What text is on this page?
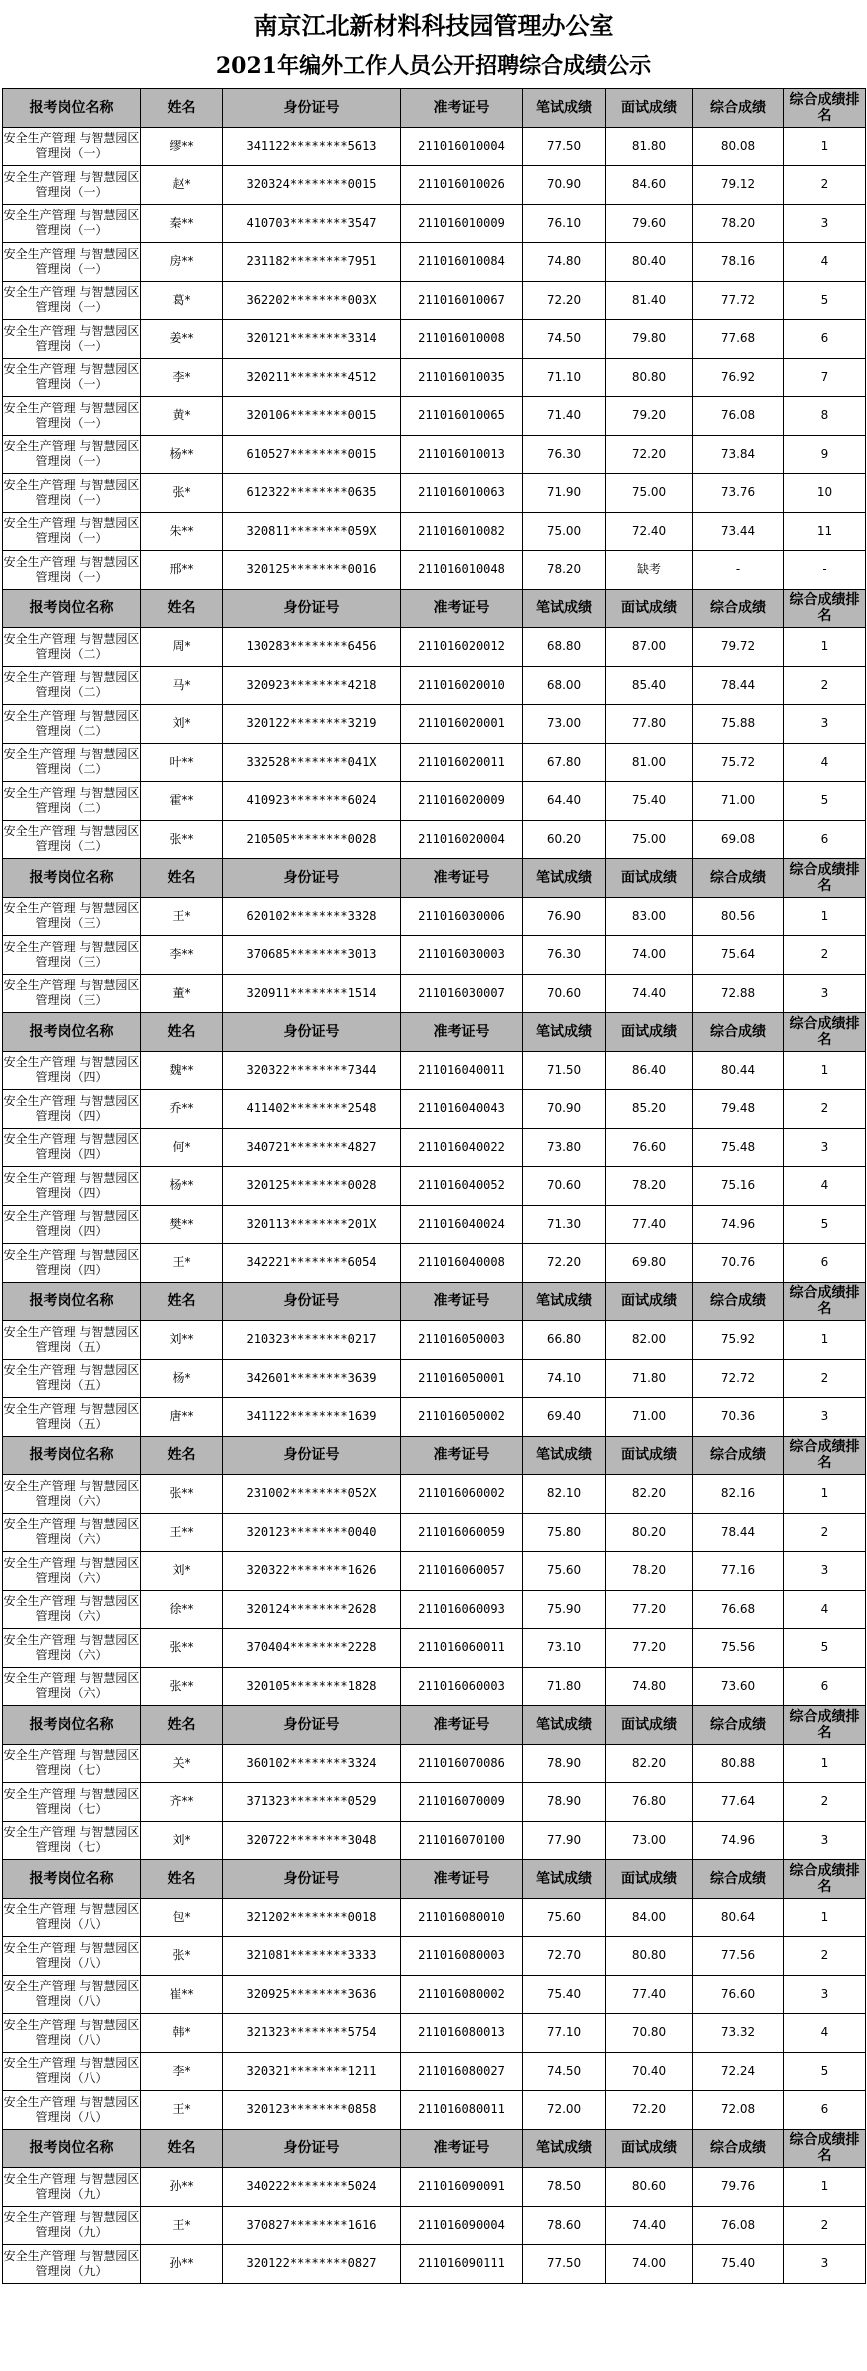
南京江北新材料科技园管理办公室
2021年编外工作人员公开招聘综合成绩公示
报考岗位名称	姓名	身份证号	准考证号	笔试成绩	面试成绩	综合成绩	综合成绩排名
安全生产管理 与智慧园区管理岗（一）	缪**	341122********5613	211016010004	77.50	81.80	80.08	1
安全生产管理 与智慧园区管理岗（一）	赵*	320324********0015	211016010026	70.90	84.60	79.12	2
安全生产管理 与智慧园区管理岗（一）	秦**	410703********3547	211016010009	76.10	79.60	78.20	3
安全生产管理 与智慧园区管理岗（一）	房**	231182********7951	211016010084	74.80	80.40	78.16	4
安全生产管理 与智慧园区管理岗（一）	葛*	362202********003X	211016010067	72.20	81.40	77.72	5
安全生产管理 与智慧园区管理岗（一）	姜**	320121********3314	211016010008	74.50	79.80	77.68	6
安全生产管理 与智慧园区管理岗（一）	李*	320211********4512	211016010035	71.10	80.80	76.92	7
安全生产管理 与智慧园区管理岗（一）	黄*	320106********0015	211016010065	71.40	79.20	76.08	8
安全生产管理 与智慧园区管理岗（一）	杨**	610527********0015	211016010013	76.30	72.20	73.84	9
安全生产管理 与智慧园区管理岗（一）	张*	612322********0635	211016010063	71.90	75.00	73.76	10
安全生产管理 与智慧园区管理岗（一）	朱**	320811********059X	211016010082	75.00	72.40	73.44	11
安全生产管理 与智慧园区管理岗（一）	邢**	320125********0016	211016010048	78.20	缺考	-	-
报考岗位名称	姓名	身份证号	准考证号	笔试成绩	面试成绩	综合成绩	综合成绩排名
安全生产管理 与智慧园区管理岗（二）	周*	130283********6456	211016020012	68.80	87.00	79.72	1
安全生产管理 与智慧园区管理岗（二）	马*	320923********4218	211016020010	68.00	85.40	78.44	2
安全生产管理 与智慧园区管理岗（二）	刘*	320122********3219	211016020001	73.00	77.80	75.88	3
安全生产管理 与智慧园区管理岗（二）	叶**	332528********041X	211016020011	67.80	81.00	75.72	4
安全生产管理 与智慧园区管理岗（二）	霍**	410923********6024	211016020009	64.40	75.40	71.00	5
安全生产管理 与智慧园区管理岗（二）	张**	210505********0028	211016020004	60.20	75.00	69.08	6
报考岗位名称	姓名	身份证号	准考证号	笔试成绩	面试成绩	综合成绩	综合成绩排名
安全生产管理 与智慧园区管理岗（三）	王*	620102********3328	211016030006	76.90	83.00	80.56	1
安全生产管理 与智慧园区管理岗（三）	李**	370685********3013	211016030003	76.30	74.00	75.64	2
安全生产管理 与智慧园区管理岗（三）	董*	320911********1514	211016030007	70.60	74.40	72.88	3
报考岗位名称	姓名	身份证号	准考证号	笔试成绩	面试成绩	综合成绩	综合成绩排名
安全生产管理 与智慧园区管理岗（四）	魏**	320322********7344	211016040011	71.50	86.40	80.44	1
安全生产管理 与智慧园区管理岗（四）	乔**	411402********2548	211016040043	70.90	85.20	79.48	2
安全生产管理 与智慧园区管理岗（四）	何*	340721********4827	211016040022	73.80	76.60	75.48	3
安全生产管理 与智慧园区管理岗（四）	杨**	320125********0028	211016040052	70.60	78.20	75.16	4
安全生产管理 与智慧园区管理岗（四）	樊**	320113********201X	211016040024	71.30	77.40	74.96	5
安全生产管理 与智慧园区管理岗（四）	王*	342221********6054	211016040008	72.20	69.80	70.76	6
报考岗位名称	姓名	身份证号	准考证号	笔试成绩	面试成绩	综合成绩	综合成绩排名
安全生产管理 与智慧园区管理岗（五）	刘**	210323********0217	211016050003	66.80	82.00	75.92	1
安全生产管理 与智慧园区管理岗（五）	杨*	342601********3639	211016050001	74.10	71.80	72.72	2
安全生产管理 与智慧园区管理岗（五）	唐**	341122********1639	211016050002	69.40	71.00	70.36	3
报考岗位名称	姓名	身份证号	准考证号	笔试成绩	面试成绩	综合成绩	综合成绩排名
安全生产管理 与智慧园区管理岗（六）	张**	231002********052X	211016060002	82.10	82.20	82.16	1
安全生产管理 与智慧园区管理岗（六）	王**	320123********0040	211016060059	75.80	80.20	78.44	2
安全生产管理 与智慧园区管理岗（六）	刘*	320322********1626	211016060057	75.60	78.20	77.16	3
安全生产管理 与智慧园区管理岗（六）	徐**	320124********2628	211016060093	75.90	77.20	76.68	4
安全生产管理 与智慧园区管理岗（六）	张**	370404********2228	211016060011	73.10	77.20	75.56	5
安全生产管理 与智慧园区管理岗（六）	张**	320105********1828	211016060003	71.80	74.80	73.60	6
报考岗位名称	姓名	身份证号	准考证号	笔试成绩	面试成绩	综合成绩	综合成绩排名
安全生产管理 与智慧园区管理岗（七）	关*	360102********3324	211016070086	78.90	82.20	80.88	1
安全生产管理 与智慧园区管理岗（七）	齐**	371323********0529	211016070009	78.90	76.80	77.64	2
安全生产管理 与智慧园区管理岗（七）	刘*	320722********3048	211016070100	77.90	73.00	74.96	3
报考岗位名称	姓名	身份证号	准考证号	笔试成绩	面试成绩	综合成绩	综合成绩排名
安全生产管理 与智慧园区管理岗（八）	包*	321202********0018	211016080010	75.60	84.00	80.64	1
安全生产管理 与智慧园区管理岗（八）	张*	321081********3333	211016080003	72.70	80.80	77.56	2
安全生产管理 与智慧园区管理岗（八）	崔**	320925********3636	211016080002	75.40	77.40	76.60	3
安全生产管理 与智慧园区管理岗（八）	韩*	321323********5754	211016080013	77.10	70.80	73.32	4
安全生产管理 与智慧园区管理岗（八）	李*	320321********1211	211016080027	74.50	70.40	72.24	5
安全生产管理 与智慧园区管理岗（八）	王*	320123********0858	211016080011	72.00	72.20	72.08	6
报考岗位名称	姓名	身份证号	准考证号	笔试成绩	面试成绩	综合成绩	综合成绩排名
安全生产管理 与智慧园区管理岗（九）	孙**	340222********5024	211016090091	78.50	80.60	79.76	1
安全生产管理 与智慧园区管理岗（九）	王*	370827********1616	211016090004	78.60	74.40	76.08	2
安全生产管理 与智慧园区管理岗（九）	孙**	320122********0827	211016090111	77.50	74.00	75.40	3
